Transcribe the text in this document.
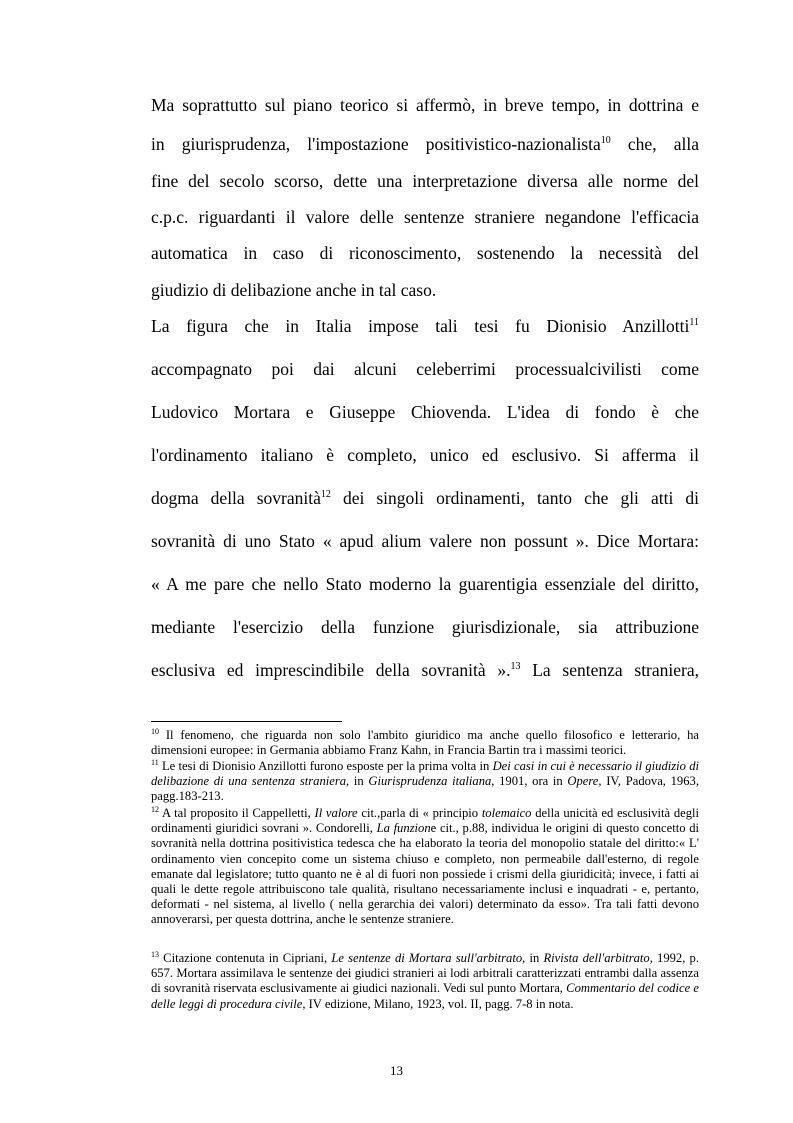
Ma soprattutto sul piano teorico si affermò, in breve tempo, in dottrina e

in giurisprudenza, l'impostazione positivistico-nazionalista$^{10}$ che, alla

fine del secolo scorso, dette una interpretazione diversa alle norme del

c.p.c. riguardanti il valore delle sentenze straniere negandone l'efficacia

automatica in caso di riconoscimento, sostenendo la necessità del

giudizio di delibazione anche in tal caso.

La figura che in Italia impose tali tesi fu Dionisio Anzillotti$^{11}$

accompagnato poi dai alcuni celeberrimi processualcivilisti come

Ludovico Mortara e Giuseppe Chiovenda. L'idea di fondo è che

l'ordinamento italiano è completo, unico ed esclusivo. Si afferma il

dogma della sovranità$^{12}$ dei singoli ordinamenti, tanto che gli atti di

sovranità di uno Stato « apud alium valere non possunt ». Dice Mortara:

« A me pare che nello Stato moderno la guarentigia essenziale del diritto,

mediante l'esercizio della funzione giurisdizionale, sia attribuzione

esclusiva ed imprescindibile della sovranità ».$^{13}$ La sentenza straniera,

$^{10}$ Il fenomeno, che riguarda non solo l'ambito giuridico ma anche quello filosofico e letterario, ha dimensioni europee: in Germania abbiamo Franz Kahn, in Francia Bartin tra i massimi teorici.

$^{11}$ Le tesi di Dionisio Anzillotti furono esposte per la prima volta in Dei casi in cui è necessario il giudizio di delibazione di una sentenza straniera, in Giurisprudenza italiana, 1901, ora in Opere, IV, Padova, 1963, pagg.183-213.

$^{12}$ A tal proposito il Cappelletti, Il valore cit.,parla di « principio tolemaico della unicità ed esclusività degli ordinamenti giuridici sovrani ». Condorelli, La funzione cit., p.88, individua le origini di questo concetto di sovranità nella dottrina positivistica tedesca che ha elaborato la teoria del monopolio statale del diritto:« L' ordinamento vien concepito come un sistema chiuso e completo, non permeabile dall'esterno, di regole emanate dal legislatore; tutto quanto ne è al di fuori non possiede i crismi della giuridicità; invece, i fatti ai quali le dette regole attribuiscono tale qualità, risultano necessariamente inclusi e inquadrati - e, pertanto, deformati - nel sistema, al livello ( nella gerarchia dei valori) determinato da esso». Tra tali fatti devono annoverarsi, per questa dottrina, anche le sentenze straniere.

$^{13}$ Citazione contenuta in Cipriani, Le sentenze di Mortara sull'arbitrato, in Rivista dell'arbitrato, 1992, p. 657. Mortara assimilava le sentenze dei giudici stranieri ai lodi arbitrali caratterizzati entrambi dalla assenza di sovranità riservata esclusivamente ai giudici nazionali. Vedi sul punto Mortara, Commentario del codice e delle leggi di procedura civile, IV edizione, Milano, 1923, vol. II, pagg. 7-8 in nota.

13
